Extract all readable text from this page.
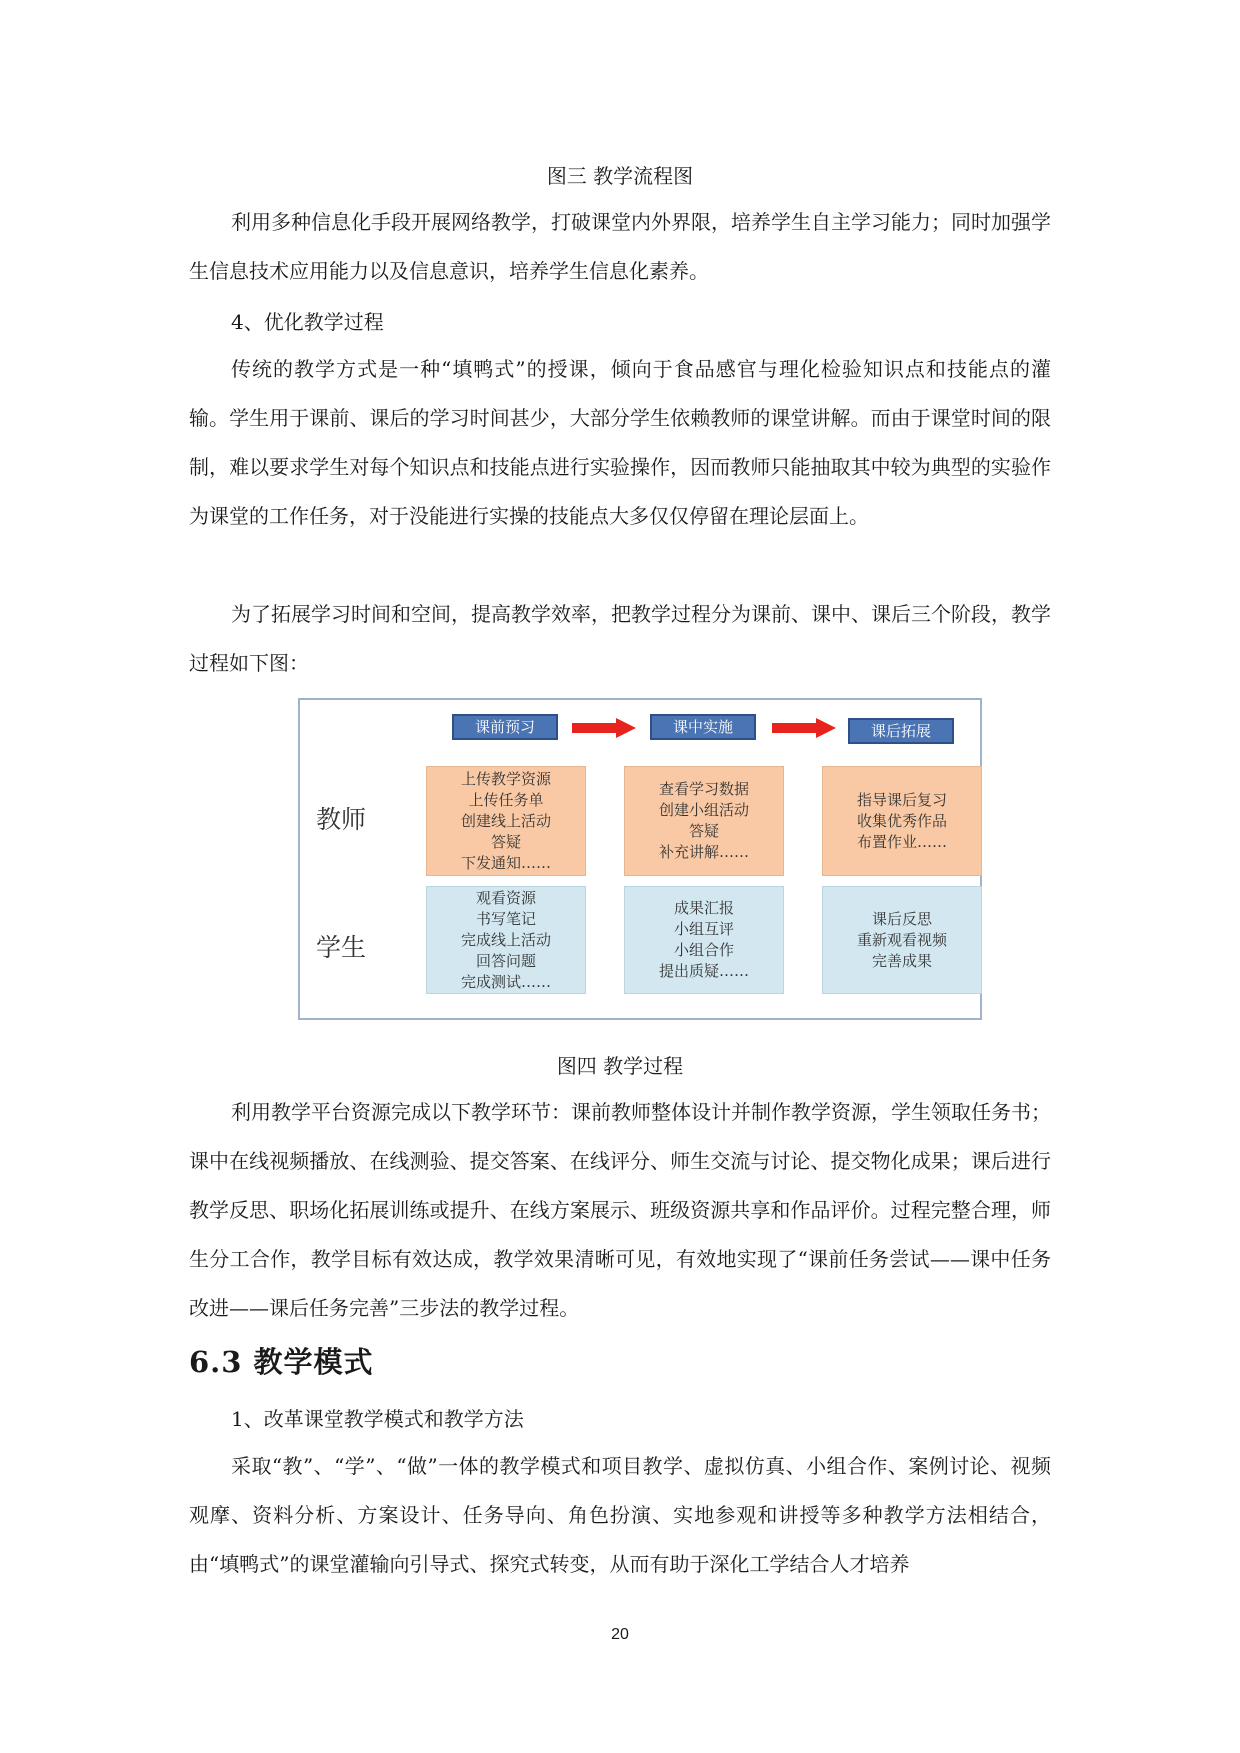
图三 教学流程图

利用多种信息化手段开展网络教学，打破课堂内外界限，培养学生自主学习能力；同时加强学生信息技术应用能力以及信息意识，培养学生信息化素养。

4、优化教学过程

传统的教学方式是一种“填鸭式”的授课，倾向于食品感官与理化检验知识点和技能点的灌输。学生用于课前、课后的学习时间甚少，大部分学生依赖教师的课堂讲解。而由于课堂时间的限制，难以要求学生对每个知识点和技能点进行实验操作，因而教师只能抽取其中较为典型的实验作为课堂的工作任务，对于没能进行实操的技能点大多仅仅停留在理论层面上。

为了拓展学习时间和空间，提高教学效率，把教学过程分为课前、课中、课后三个阶段，教学过程如下图：

课前预习	课中实施	课后拓展
教师
学生
上传教学资源
上传任务单
创建线上活动
答疑
下发通知……
查看学习数据
创建小组活动
答疑
补充讲解……
指导课后复习
收集优秀作品
布置作业……
观看资源
书写笔记
完成线上活动
回答问题
完成测试……
成果汇报
小组互评
小组合作
提出质疑……
课后反思
重新观看视频
完善成果
图四 教学过程

利用教学平台资源完成以下教学环节：课前教师整体设计并制作教学资源，学生领取任务书；课中在线视频播放、在线测验、提交答案、在线评分、师生交流与讨论、提交物化成果；课后进行教学反思、职场化拓展训练或提升、在线方案展示、班级资源共享和作品评价。过程完整合理，师生分工合作，教学目标有效达成，教学效果清晰可见，有效地实现了“课前任务尝试——课中任务改进——课后任务完善”三步法的教学过程。

6.3 教学模式
1、改革课堂教学模式和教学方法

采取“教”、“学”、“做”一体的教学模式和项目教学、虚拟仿真、小组合作、案例讨论、视频观摩、资料分析、方案设计、任务导向、角色扮演、实地参观和讲授等多种教学方法相结合，由“填鸭式”的课堂灌输向引导式、探究式转变，从而有助于深化工学结合人才培养

20
